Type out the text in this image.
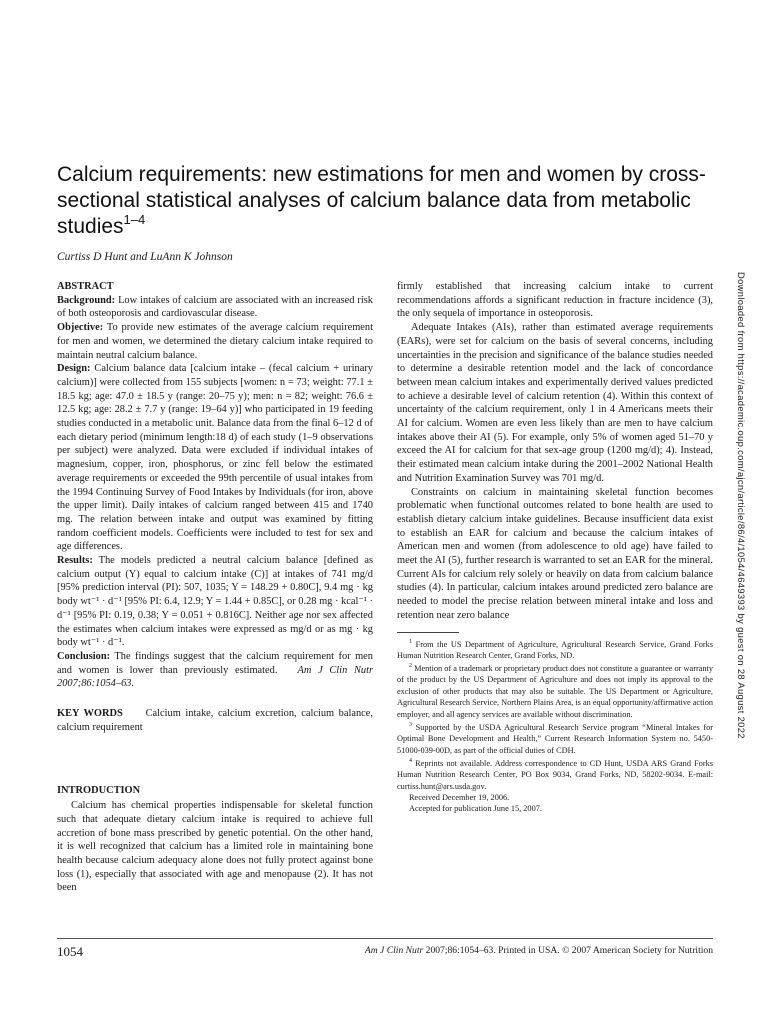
Calcium requirements: new estimations for men and women by cross-sectional statistical analyses of calcium balance data from metabolic studies$^{1-4}$
Curtiss D Hunt and LuAnn K Johnson

ABSTRACT

Background: Low intakes of calcium are associated with an increased risk of both osteoporosis and cardiovascular disease.

Objective: To provide new estimates of the average calcium requirement for men and women, we determined the dietary calcium intake required to maintain neutral calcium balance.

Design: Calcium balance data [calcium intake – (fecal calcium + urinary calcium)] were collected from 155 subjects [women: n = 73; weight: 77.1 ± 18.5 kg; age: 47.0 ± 18.5 y (range: 20–75 y); men: n = 82; weight: 76.6 ± 12.5 kg; age: 28.2 ± 7.7 y (range: 19–64 y)] who participated in 19 feeding studies conducted in a metabolic unit. Balance data from the final 6–12 d of each dietary period (minimum length:18 d) of each study (1–9 observations per subject) were analyzed. Data were excluded if individual intakes of magnesium, copper, iron, phosphorus, or zinc fell below the estimated average requirements or exceeded the 99th percentile of usual intakes from the 1994 Continuing Survey of Food Intakes by Individuals (for iron, above the upper limit). Daily intakes of calcium ranged between 415 and 1740 mg. The relation between intake and output was examined by fitting random coefficient models. Coefficients were included to test for sex and age differences.

Results: The models predicted a neutral calcium balance [defined as calcium output (Y) equal to calcium intake (C)] at intakes of 741 mg/d [95% prediction interval (PI): 507, 1035; Y = 148.29 + 0.80C], 9.4 mg · kg body wt⁻¹ · d⁻¹ [95% PI: 6.4, 12.9; Y = 1.44 + 0.85C], or 0.28 mg · kcal⁻¹ · d⁻¹ [95% PI: 0.19, 0.38; Y = 0.051 + 0.816C]. Neither age nor sex affected the estimates when calcium intakes were expressed as mg/d or as mg · kg body wt⁻¹ · d⁻¹.

Conclusion: The findings suggest that the calcium requirement for men and women is lower than previously estimated. Am J Clin Nutr 2007;86:1054–63.

KEY WORDS Calcium intake, calcium excretion, calcium balance, calcium requirement

INTRODUCTION

Calcium has chemical properties indispensable for skeletal function such that adequate dietary calcium intake is required to achieve full accretion of bone mass prescribed by genetic potential. On the other hand, it is well recognized that calcium has a limited role in maintaining bone health because calcium adequacy alone does not fully protect against bone loss (1), especially that associated with age and menopause (2). It has not been

firmly established that increasing calcium intake to current recommendations affords a significant reduction in fracture incidence (3), the only sequela of importance in osteoporosis.

Adequate Intakes (AIs), rather than estimated average requirements (EARs), were set for calcium on the basis of several concerns, including uncertainties in the precision and significance of the balance studies needed to determine a desirable retention model and the lack of concordance between mean calcium intakes and experimentally derived values predicted to achieve a desirable level of calcium retention (4). Within this context of uncertainty of the calcium requirement, only 1 in 4 Americans meets their AI for calcium. Women are even less likely than are men to have calcium intakes above their AI (5). For example, only 5% of women aged 51–70 y exceed the AI for calcium for that sex-age group (1200 mg/d); 4). Instead, their estimated mean calcium intake during the 2001–2002 National Health and Nutrition Examination Survey was 701 mg/d.

Constraints on calcium in maintaining skeletal function becomes problematic when functional outcomes related to bone health are used to establish dietary calcium intake guidelines. Because insufficient data exist to establish an EAR for calcium and because the calcium intakes of American men and women (from adolescence to old age) have failed to meet the AI (5), further research is warranted to set an EAR for the mineral. Current AIs for calcium rely solely or heavily on data from calcium balance studies (4). In particular, calcium intakes around predicted zero balance are needed to model the precise relation between mineral intake and loss and retention near zero balance

$^1$ From the US Department of Agriculture, Agricultural Research Service, Grand Forks Human Nutrition Research Center, Grand Forks, ND.

$^2$ Mention of a trademark or proprietary product does not constitute a guarantee or warranty of the product by the US Department of Agriculture and does not imply its approval to the exclusion of other products that may also be suitable. The US Department or Agriculture, Agricultural Research Service, Northern Plains Area, is an equal opportunity/affirmative action employer, and all agency services are available without discrimination.

$^3$ Supported by the USDA Agricultural Research Service program “Mineral Intakes for Optimal Bone Development and Health,” Current Research Information System no. 5450-51000-039-00D, as part of the official duties of CDH.

$^4$ Reprints not available. Address correspondence to CD Hunt, USDA ARS Grand Forks Human Nutrition Research Center, PO Box 9034, Grand Forks, ND, 58202-9034. E-mail: curtiss.hunt@ars.usda.gov.

Received December 19, 2006.

Accepted for publication June 15, 2007.

1054	Am J Clin Nutr 2007;86:1054–63. Printed in USA. © 2007 American Society for Nutrition
Downloaded from https://academic.oup.com/ajcn/article/86/4/1054/4649393 by guest on 28 August 2022
